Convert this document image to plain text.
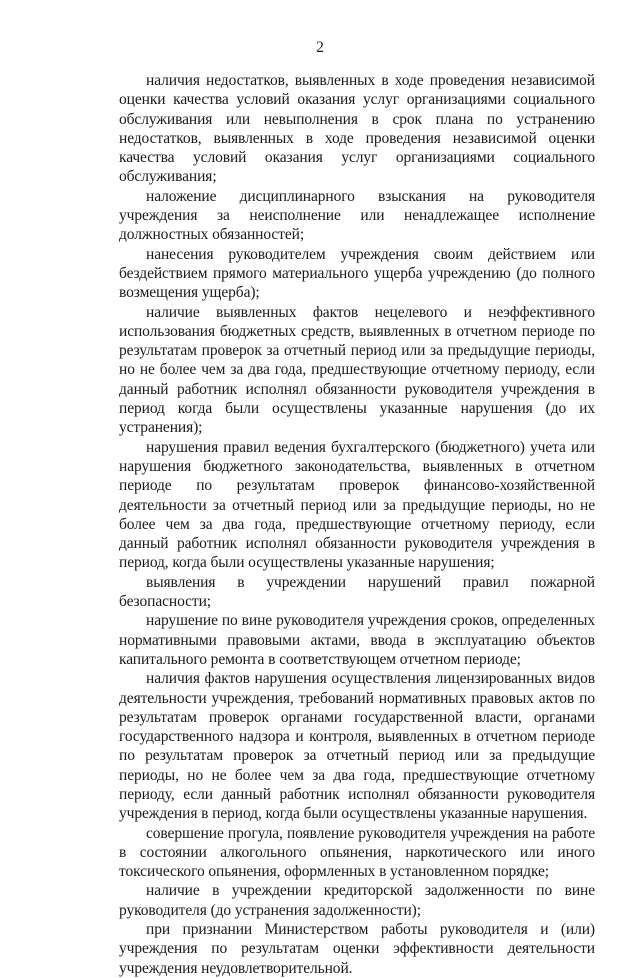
2

наличия недостатков, выявленных в ходе проведения независимой оценки качества условий оказания услуг организациями социального обслуживания или невыполнения в срок плана по устранению недостатков, выявленных в ходе проведения независимой оценки качества условий оказания услуг организациями социального обслуживания;

наложение дисциплинарного взыскания на руководителя учреждения за неисполнение или ненадлежащее исполнение должностных обязанностей;

нанесения руководителем учреждения своим действием или бездействием прямого материального ущерба учреждению (до полного возмещения ущерба);

наличие выявленных фактов нецелевого и неэффективного использования бюджетных средств, выявленных в отчетном периоде по результатам проверок за отчетный период или за предыдущие периоды, но не более чем за два года, предшествующие отчетному периоду, если данный работник исполнял обязанности руководителя учреждения в период когда были осуществлены указанные нарушения (до их устранения);

нарушения правил ведения бухгалтерского (бюджетного) учета или нарушения бюджетного законодательства, выявленных в отчетном периоде по результатам проверок финансово-хозяйственной деятельности за отчетный период или за предыдущие периоды, но не более чем за два года, предшествующие отчетному периоду, если данный работник исполнял обязанности руководителя учреждения в период, когда были осуществлены указанные нарушения;

выявления в учреждении нарушений правил пожарной безопасности;

нарушение по вине руководителя учреждения сроков, определенных нормативными правовыми актами, ввода в эксплуатацию объектов капитального ремонта в соответствующем отчетном периоде;

наличия фактов нарушения осуществления лицензированных видов деятельности учреждения, требований нормативных правовых актов по результатам проверок органами государственной власти, органами государственного надзора и контроля, выявленных в отчетном периоде по результатам проверок за отчетный период или за предыдущие периоды, но не более чем за два года, предшествующие отчетному периоду, если данный работник исполнял обязанности руководителя учреждения в период, когда были осуществлены указанные нарушения.

совершение прогула, появление руководителя учреждения на работе в состоянии алкогольного опьянения, наркотического или иного токсического опьянения, оформленных в установленном порядке;

наличие в учреждении кредиторской задолженности по вине руководителя (до устранения задолженности);

при признании Министерством работы руководителя и (или) учреждения по результатам оценки эффективности деятельности учреждения неудовлетворительной.
